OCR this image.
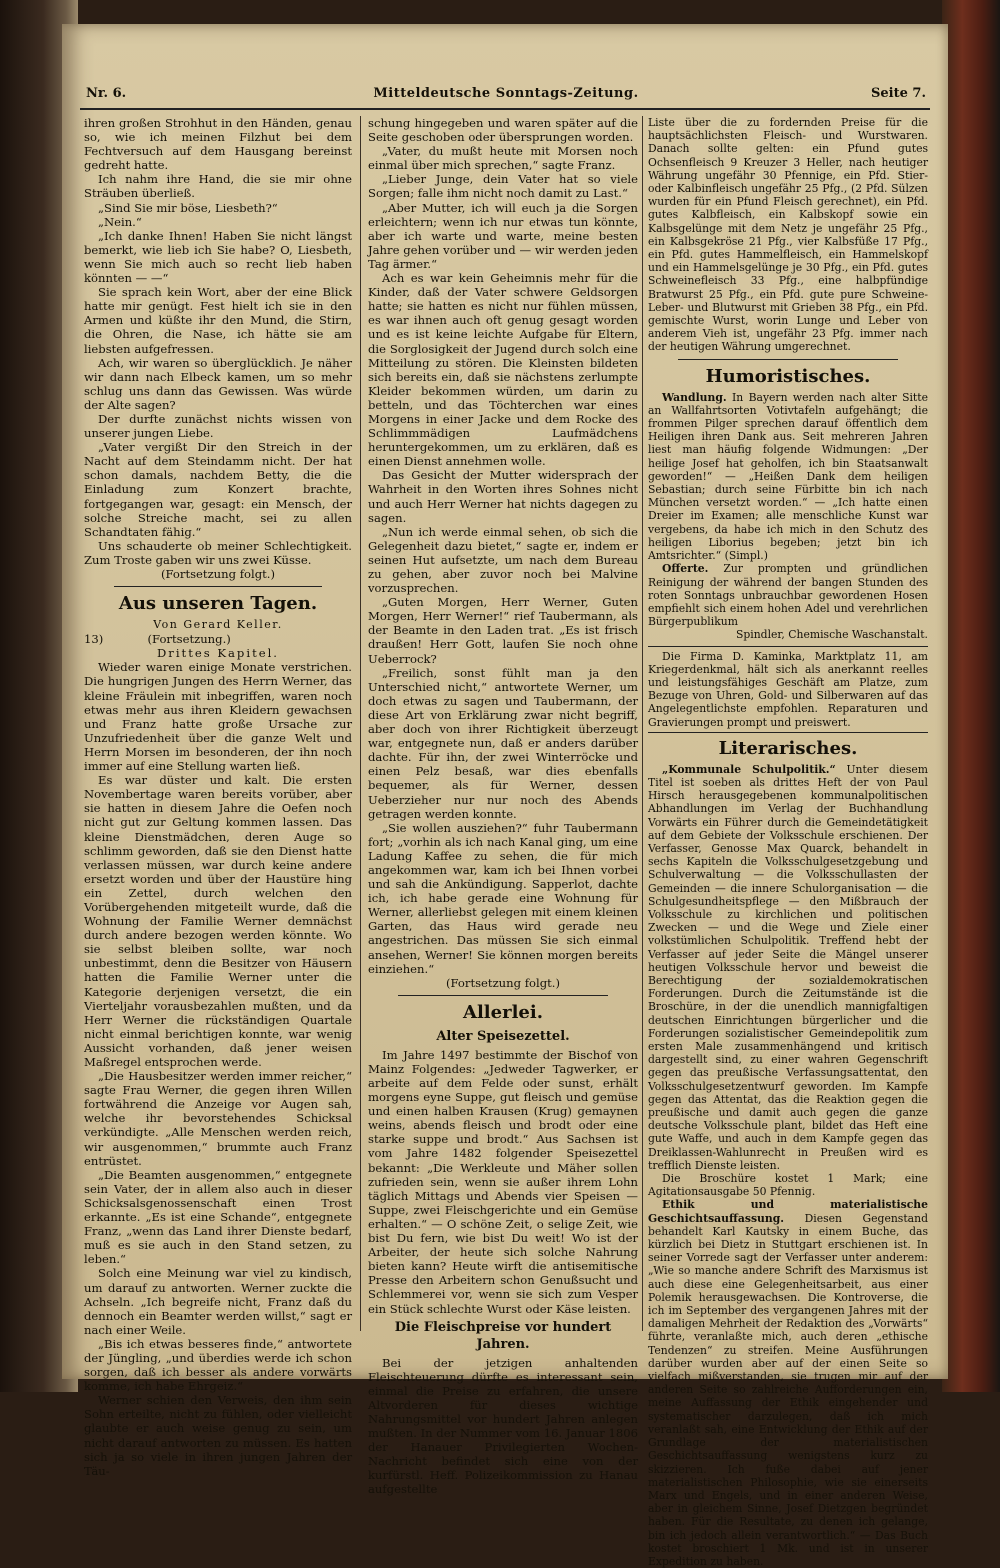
Nr. 6.	Mitteldeutsche Sonntags-Zeitung.	Seite 7.

ihren großen Strohhut in den Händen, genau so, wie ich meinen Filzhut bei dem Fechtversuch auf dem Hausgang bereinst gedreht hatte.

Ich nahm ihre Hand, die sie mir ohne Sträuben überließ.

„Sind Sie mir böse, Liesbeth?“

„Nein.“

„Ich danke Ihnen! Haben Sie nicht längst bemerkt, wie lieb ich Sie habe? O, Liesbeth, wenn Sie mich auch so recht lieb haben könnten — —“

Sie sprach kein Wort, aber der eine Blick hatte mir genügt. Fest hielt ich sie in den Armen und küßte ihr den Mund, die Stirn, die Ohren, die Nase, ich hätte sie am liebsten aufgefressen.

Ach, wir waren so überglücklich. Je näher wir dann nach Elbeck kamen, um so mehr schlug uns dann das Gewissen. Was würde der Alte sagen?

Der durfte zunächst nichts wissen von unserer jungen Liebe.

„Vater vergißt Dir den Streich in der Nacht auf dem Steindamm nicht. Der hat schon damals, nachdem Betty, die die Einladung zum Konzert brachte, fortgegangen war, gesagt: ein Mensch, der solche Streiche macht, sei zu allen Schandtaten fähig.“

Uns schauderte ob meiner Schlechtigkeit. Zum Troste gaben wir uns zwei Küsse.

(Fortsetzung folgt.)

Aus unseren Tagen.
Von Gerard Keller.

13)	(Fortsetzung.)

Drittes Kapitel.

Wieder waren einige Monate verstrichen. Die hungrigen Jungen des Herrn Werner, das kleine Fräulein mit inbegriffen, waren noch etwas mehr aus ihren Kleidern gewachsen und Franz hatte große Ursache zur Unzufriedenheit über die ganze Welt und Herrn Morsen im besonderen, der ihn noch immer auf eine Stellung warten ließ.

Es war düster und kalt. Die ersten Novembertage waren bereits vorüber, aber sie hatten in diesem Jahre die Oefen noch nicht gut zur Geltung kommen lassen. Das kleine Dienstmädchen, deren Auge so schlimm geworden, daß sie den Dienst hatte verlassen müssen, war durch keine andere ersetzt worden und über der Haustüre hing ein Zettel, durch welchen den Vorübergehenden mitgeteilt wurde, daß die Wohnung der Familie Werner demnächst durch andere bezogen werden könnte. Wo sie selbst bleiben sollte, war noch unbestimmt, denn die Besitzer von Häusern hatten die Familie Werner unter die Kategorie derjenigen versetzt, die ein Vierteljahr vorausbezahlen mußten, und da Herr Werner die rückständigen Quartale nicht einmal berichtigen konnte, war wenig Aussicht vorhanden, daß jener weisen Maßregel entsprochen werde.

„Die Hausbesitzer werden immer reicher,“ sagte Frau Werner, die gegen ihren Willen fortwährend die Anzeige vor Augen sah, welche ihr bevorstehendes Schicksal verkündigte. „Alle Menschen werden reich, wir ausgenommen,“ brummte auch Franz entrüstet.

„Die Beamten ausgenommen,“ entgegnete sein Vater, der in allem also auch in dieser Schicksalsgenossenschaft einen Trost erkannte. „Es ist eine Schande“, entgegnete Franz, „wenn das Land ihrer Dienste bedarf, muß es sie auch in den Stand setzen, zu leben.“

Solch eine Meinung war viel zu kindisch, um darauf zu antworten. Werner zuckte die Achseln. „Ich begreife nicht, Franz daß du dennoch ein Beamter werden willst,“ sagt er nach einer Weile.

„Bis ich etwas besseres finde,“ antwortete der Jüngling, „und überdies werde ich schon sorgen, daß ich besser als andere vorwärts komme, ich habe Ehrgeiz.“

Werner schien den Verweis, den ihm sein Sohn erteilte, nicht zu fühlen, oder vielleicht glaubte er auch weise genug zu sein, um nicht darauf antworten zu müssen. Es hatten sich ja so viele in ihren jungen Jahren der Täu-

schung hingegeben und waren später auf die Seite geschoben oder übersprungen worden.

„Vater, du mußt heute mit Morsen noch einmal über mich sprechen,“ sagte Franz.

„Lieber Junge, dein Vater hat so viele Sorgen; falle ihm nicht noch damit zu Last.“

„Aber Mutter, ich will euch ja die Sorgen erleichtern; wenn ich nur etwas tun könnte, aber ich warte und warte, meine besten Jahre gehen vorüber und — wir werden jeden Tag ärmer.“

Ach es war kein Geheimnis mehr für die Kinder, daß der Vater schwere Geldsorgen hatte; sie hatten es nicht nur fühlen müssen, es war ihnen auch oft genug gesagt worden und es ist keine leichte Aufgabe für Eltern, die Sorglosigkeit der Jugend durch solch eine Mitteilung zu stören. Die Kleinsten bildeten sich bereits ein, daß sie nächstens zerlumpte Kleider bekommen würden, um darin zu betteln, und das Töchterchen war eines Morgens in einer Jacke und dem Rocke des Schlimmmädigen Laufmädchens heruntergekommen, um zu erklären, daß es einen Dienst annehmen wolle.

Das Gesicht der Mutter widersprach der Wahrheit in den Worten ihres Sohnes nicht und auch Herr Werner hat nichts dagegen zu sagen.

„Nun ich werde einmal sehen, ob sich die Gelegenheit dazu bietet,“ sagte er, indem er seinen Hut aufsetzte, um nach dem Bureau zu gehen, aber zuvor noch bei Malvine vorzusprechen.

„Guten Morgen, Herr Werner, Guten Morgen, Herr Werner!“ rief Taubermann, als der Beamte in den Laden trat. „Es ist frisch draußen! Herr Gott, laufen Sie noch ohne Ueberrock?

„Freilich, sonst fühlt man ja den Unterschied nicht,“ antwortete Werner, um doch etwas zu sagen und Taubermann, der diese Art von Erklärung zwar nicht begriff, aber doch von ihrer Richtigkeit überzeugt war, entgegnete nun, daß er anders darüber dachte. Für ihn, der zwei Winterröcke und einen Pelz besaß, war dies ebenfalls bequemer, als für Werner, dessen Ueberzieher nur nur noch des Abends getragen werden konnte.

„Sie wollen ausziehen?“ fuhr Taubermann fort; „vorhin als ich nach Kanal ging, um eine Ladung Kaffee zu sehen, die für mich angekommen war, kam ich bei Ihnen vorbei und sah die Ankündigung. Sapperlot, dachte ich, ich habe gerade eine Wohnung für Werner, allerliebst gelegen mit einem kleinen Garten, das Haus wird gerade neu angestrichen. Das müssen Sie sich einmal ansehen, Werner! Sie können morgen bereits einziehen.“

(Fortsetzung folgt.)

Allerlei.
Alter Speisezettel.

Im Jahre 1497 bestimmte der Bischof von Mainz Folgendes: „Jedweder Tagwerker, er arbeite auf dem Felde oder sunst, erhält morgens eyne Suppe, gut fleisch und gemüse und einen halben Krausen (Krug) gemaynen weins, abends fleisch und brodt oder eine starke suppe und brodt.“ Aus Sachsen ist vom Jahre 1482 folgender Speisezettel bekannt: „Die Werkleute und Mäher sollen zufrieden sein, wenn sie außer ihrem Lohn täglich Mittags und Abends vier Speisen — Suppe, zwei Fleischgerichte und ein Gemüse erhalten.“ — O schöne Zeit, o selige Zeit, wie bist Du fern, wie bist Du weit! Wo ist der Arbeiter, der heute sich solche Nahrung bieten kann? Heute wirft die antisemitische Presse den Arbeitern schon Genußsucht und Schlemmerei vor, wenn sie sich zum Vesper ein Stück schlechte Wurst oder Käse leisten.

Die Fleischpreise vor hundert Jahren.

Bei der jetzigen anhaltenden Fleischteuerung dürfte es interessant sein, einmal die Preise zu erfahren, die unsere Altvorderen für dieses wichtige Nahrungsmittel vor hundert Jahren anlegen mußten. In der Nummer vom 16. Januar 1806 der Hanauer Privilegierten Wochen-Nachricht befindet sich eine von der kurfürstl. Heff. Polizeikommission zu Hanau aufgestellte

Liste über die zu fordernden Preise für die hauptsächlichsten Fleisch- und Wurstwaren. Danach sollte gelten: ein Pfund gutes Ochsenfleisch 9 Kreuzer 3 Heller, nach heutiger Währung ungefähr 30 Pfennige, ein Pfd. Stier- oder Kalbinfleisch ungefähr 25 Pfg., (2 Pfd. Sülzen wurden für ein Pfund Fleisch gerechnet), ein Pfd. gutes Kalbfleisch, ein Kalbskopf sowie ein Kalbsgelünge mit dem Netz je ungefähr 25 Pfg., ein Kalbsgekröse 21 Pfg., vier Kalbsfüße 17 Pfg., ein Pfd. gutes Hammelfleisch, ein Hammelskopf und ein Hammelsgelünge je 30 Pfg., ein Pfd. gutes Schweinefleisch 33 Pfg., eine halbpfündige Bratwurst 25 Pfg., ein Pfd. gute pure Schweine-Leber- und Blutwurst mit Grieben 38 Pfg., ein Pfd. gemischte Wurst, worin Lunge und Leber von anderem Vieh ist, ungefähr 23 Pfg. immer nach der heutigen Währung umgerechnet.

Humoristisches.

Wandlung. In Bayern werden nach alter Sitte an Wallfahrtsorten Votivtafeln aufgehängt; die frommen Pilger sprechen darauf öffentlich dem Heiligen ihren Dank aus. Seit mehreren Jahren liest man häufig folgende Widmungen: „Der heilige Josef hat geholfen, ich bin Staatsanwalt geworden!“ — „Heißen Dank dem heiligen Sebastian; durch seine Fürbitte bin ich nach München versetzt worden.“ — „Ich hatte einen Dreier im Examen; alle menschliche Kunst war vergebens, da habe ich mich in den Schutz des heiligen Liborius begeben; jetzt bin ich Amtsrichter.“ (Simpl.)

Offerte. Zur prompten und gründlichen Reinigung der während der bangen Stunden des roten Sonntags unbrauchbar gewordenen Hosen empfiehlt sich einem hohen Adel und verehrlichen Bürgerpublikum

Spindler, Chemische Waschanstalt.

Die Firma D. Kaminka, Marktplatz 11, am Kriegerdenkmal, hält sich als anerkannt reelles und leistungsfähiges Geschäft am Platze, zum Bezuge von Uhren, Gold- und Silberwaren auf das Angelegentlichste empfohlen. Reparaturen und Gravierungen prompt und preiswert.

Literarisches.

„Kommunale Schulpolitik.“ Unter diesem Titel ist soeben als drittes Heft der von Paul Hirsch herausgegebenen kommunalpolitischen Abhandlungen im Verlag der Buchhandlung Vorwärts ein Führer durch die Gemeindetätigkeit auf dem Gebiete der Volksschule erschienen. Der Verfasser, Genosse Max Quarck, behandelt in sechs Kapiteln die Volksschulgesetzgebung und Schulverwaltung — die Volksschullasten der Gemeinden — die innere Schulorganisation — die Schulgesundheitspflege — den Mißbrauch der Volksschule zu kirchlichen und politischen Zwecken — und die Wege und Ziele einer volkstümlichen Schulpolitik. Treffend hebt der Verfasser auf jeder Seite die Mängel unserer heutigen Volksschule hervor und beweist die Berechtigung der sozialdemokratischen Forderungen. Durch die Zeitumstände ist die Broschüre, in der die unendlich mannigfaltigen deutschen Einrichtungen bürgerlicher und die Forderungen sozialistischer Gemeindepolitik zum ersten Male zusammenhängend und kritisch dargestellt sind, zu einer wahren Gegenschrift gegen das preußische Verfassungsattentat, den Volksschulgesetzentwurf geworden. Im Kampfe gegen das Attentat, das die Reaktion gegen die preußische und damit auch gegen die ganze deutsche Volksschule plant, bildet das Heft eine gute Waffe, und auch in dem Kampfe gegen das Dreiklassen-Wahlunrecht in Preußen wird es trefflich Dienste leisten.

Die Broschüre kostet 1 Mark; eine Agitationsausgabe 50 Pfennig.

Ethik und materialistische Geschichtsauffassung. Diesen Gegenstand behandelt Karl Kautsky in einem Buche, das kürzlich bei Dietz in Stuttgart erschienen ist. In seiner Vorrede sagt der Verfasser unter anderem: „Wie so manche andere Schrift des Marxismus ist auch diese eine Gelegenheitsarbeit, aus einer Polemik herausgewachsen. Die Kontroverse, die ich im September des vergangenen Jahres mit der damaligen Mehrheit der Redaktion des „Vorwärts“ führte, veranlaßte mich, auch deren „ethische Tendenzen“ zu streifen. Meine Ausführungen darüber wurden aber auf der einen Seite so vielfach mißverstanden, sie trugen mir auf der anderen Seite so zahlreiche Aufforderungen ein, meine Auffassung der Ethik eingehender und systematischer darzulegen, daß ich mich veranlaßt sah, eine Entwicklung der Ethik auf der Grundlage der materialistischen Geschichtsauffassung wenigstens kurz zu skizzieren. Ich fuße dabei auf jener materialistischen Philosophie, wie sie einerseits Marx und Engels, und in einer anderen Weise, aber in gleichem Sinne, Josef Dietzgen begründet haben. Für die Resultate, zu denen ich gelange, bin ich jedoch allein verantwortlich.“ — Das Buch kostet broschiert 1 Mk. und ist in unserer Expedition zu haben.
